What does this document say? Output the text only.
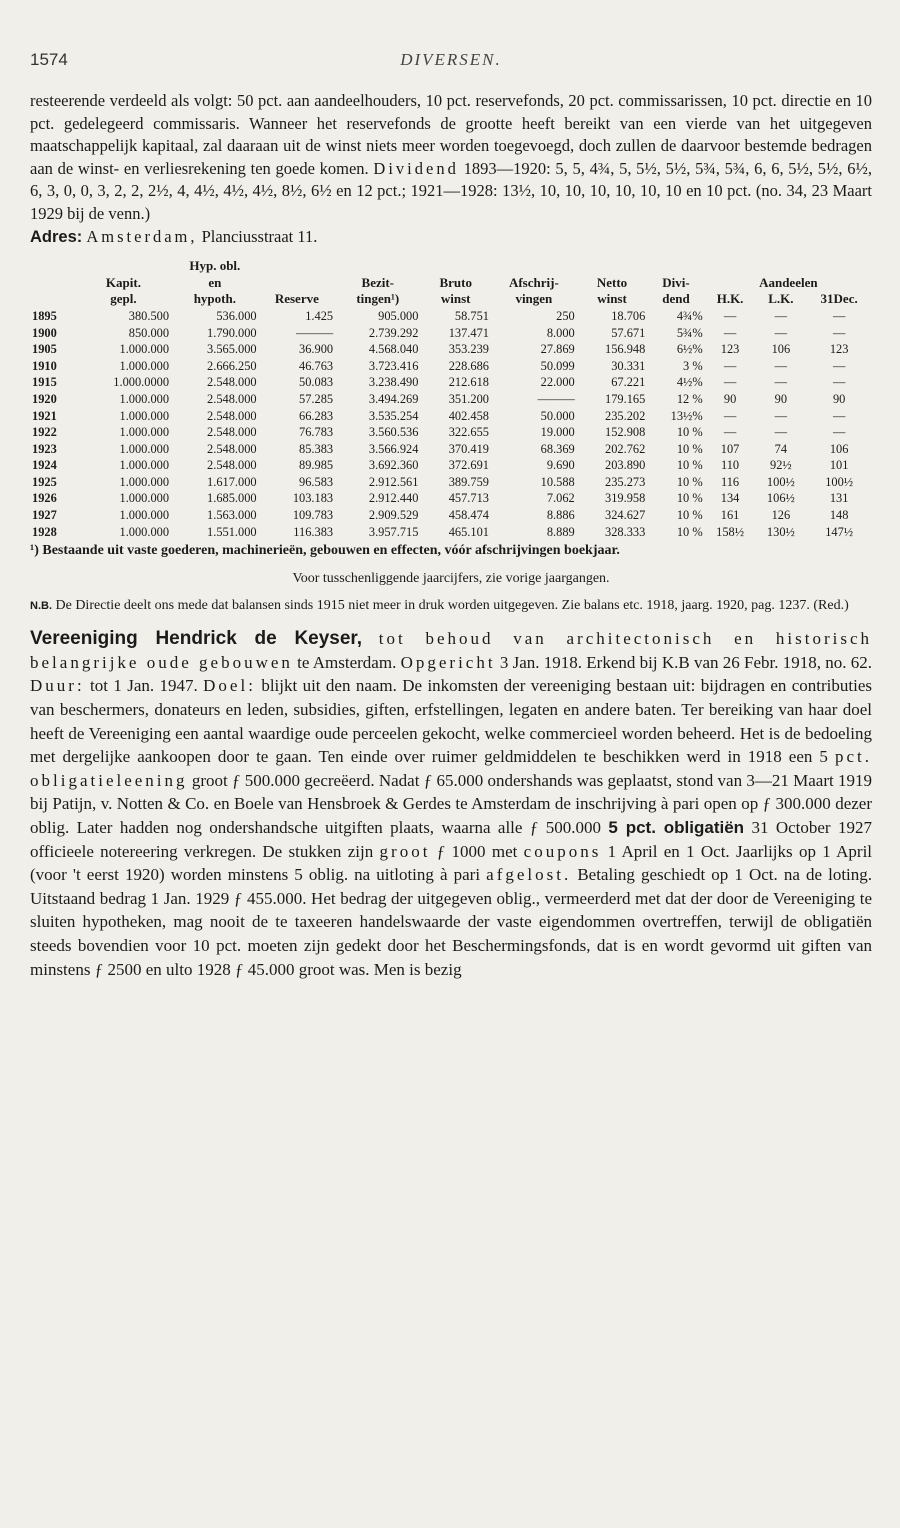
1574	DIVERSEN.

resteerende verdeeld als volgt: 50 pct. aan aandeelhouders, 10 pct. reservefonds, 20 pct. commissarissen, 10 pct. directie en 10 pct. gedelegeerd commissaris. Wanneer het reservefonds de grootte heeft bereikt van een vierde van het uitgegeven maatschappelijk kapitaal, zal daaraan uit de winst niets meer worden toegevoegd, doch zullen de daarvoor bestemde bedragen aan de winst- en verliesrekening ten goede komen. Dividend 1893—1920: 5, 5, 4¾, 5, 5½, 5½, 5¾, 5¾, 6, 6, 5½, 5½, 6½, 6, 3, 0, 0, 3, 2, 2, 2½, 4, 4½, 4½, 4½, 8½, 6½ en 12 pct.; 1921—1928: 13½, 10, 10, 10, 10, 10, 10 en 10 pct. (no. 34, 23 Maart 1929 bij de venn.)

Adres: Amsterdam, Planciusstraat 11.

		Hyp. obl.									
	Kapit.	en		Bezit-	Bruto	Afschrij-	Netto	Divi-	Aandeelen		
	gepl.	hypoth.	Reserve	tingen¹)	winst	vingen	winst	dend	H.K.	L.K.	31Dec.
1895	380.500	536.000	1.425	905.000	58.751	250	18.706	4¾%	—	—	—
1900	850.000	1.790.000	———	2.739.292	137.471	8.000	57.671	5¾%	—	—	—
1905	1.000.000	3.565.000	36.900	4.568.040	353.239	27.869	156.948	6½%	123	106	123
1910	1.000.000	2.666.250	46.763	3.723.416	228.686	50.099	30.331	3 %	—	—	—
1915	1.000.0000	2.548.000	50.083	3.238.490	212.618	22.000	67.221	4½%	—	—	—
1920	1.000.000	2.548.000	57.285	3.494.269	351.200	———	179.165	12 %	90	90	90
1921	1.000.000	2.548.000	66.283	3.535.254	402.458	50.000	235.202	13½%	—	—	—
1922	1.000.000	2.548.000	76.783	3.560.536	322.655	19.000	152.908	10 %	—	—	—
1923	1.000.000	2.548.000	85.383	3.566.924	370.419	68.369	202.762	10 %	107	74	106
1924	1.000.000	2.548.000	89.985	3.692.360	372.691	9.690	203.890	10 %	110	92½	101
1925	1.000.000	1.617.000	96.583	2.912.561	389.759	10.588	235.273	10 %	116	100½	100½
1926	1.000.000	1.685.000	103.183	2.912.440	457.713	7.062	319.958	10 %	134	106½	131
1927	1.000.000	1.563.000	109.783	2.909.529	458.474	8.886	324.627	10 %	161	126	148
1928	1.000.000	1.551.000	116.383	3.957.715	465.101	8.889	328.333	10 %	158½	130½	147½

¹) Bestaande uit vaste goederen, machinerieën, gebouwen en effecten, vóór afschrijvingen boekjaar.

Voor tusschenliggende jaarcijfers, zie vorige jaargangen.

N.B. De Directie deelt ons mede dat balansen sinds 1915 niet meer in druk worden uitgegeven. Zie balans etc. 1918, jaarg. 1920, pag. 1237. (Red.)

Vereeniging Hendrick de Keyser, tot behoud van architectonisch en historisch belangrijke oude gebouwen te Amsterdam. Opgericht 3 Jan. 1918. Erkend bij K.B van 26 Febr. 1918, no. 62. Duur: tot 1 Jan. 1947. Doel: blijkt uit den naam. De inkomsten der vereeniging bestaan uit: bijdragen en contributies van beschermers, donateurs en leden, subsidies, giften, erfstellingen, legaten en andere baten. Ter bereiking van haar doel heeft de Vereeniging een aantal waardige oude perceelen gekocht, welke commercieel worden beheerd. Het is de bedoeling met dergelijke aankoopen door te gaan. Ten einde over ruimer geldmiddelen te beschikken werd in 1918 een 5 pct. obligatieleening groot ƒ 500.000 gecreëerd. Nadat ƒ 65.000 ondershands was geplaatst, stond van 3—21 Maart 1919 bij Patijn, v. Notten & Co. en Boele van Hensbroek & Gerdes te Amsterdam de inschrijving à pari open op ƒ 300.000 dezer oblig. Later hadden nog ondershandsche uitgiften plaats, waarna alle ƒ 500.000 5 pct. obligatiën 31 October 1927 officieele notereering verkregen. De stukken zijn groot ƒ 1000 met coupons 1 April en 1 Oct. Jaarlijks op 1 April (voor 't eerst 1920) worden minstens 5 oblig. na uitloting à pari afgelost. Betaling geschiedt op 1 Oct. na de loting. Uitstaand bedrag 1 Jan. 1929 ƒ 455.000. Het bedrag der uitgegeven oblig., vermeerderd met dat der door de Vereeniging te sluiten hypotheken, mag nooit de te taxeeren handelswaarde der vaste eigendommen overtreffen, terwijl de obligatiën steeds bovendien voor 10 pct. moeten zijn gedekt door het Beschermingsfonds, dat is en wordt gevormd uit giften van minstens ƒ 2500 en ulto 1928 ƒ 45.000 groot was. Men is bezig
